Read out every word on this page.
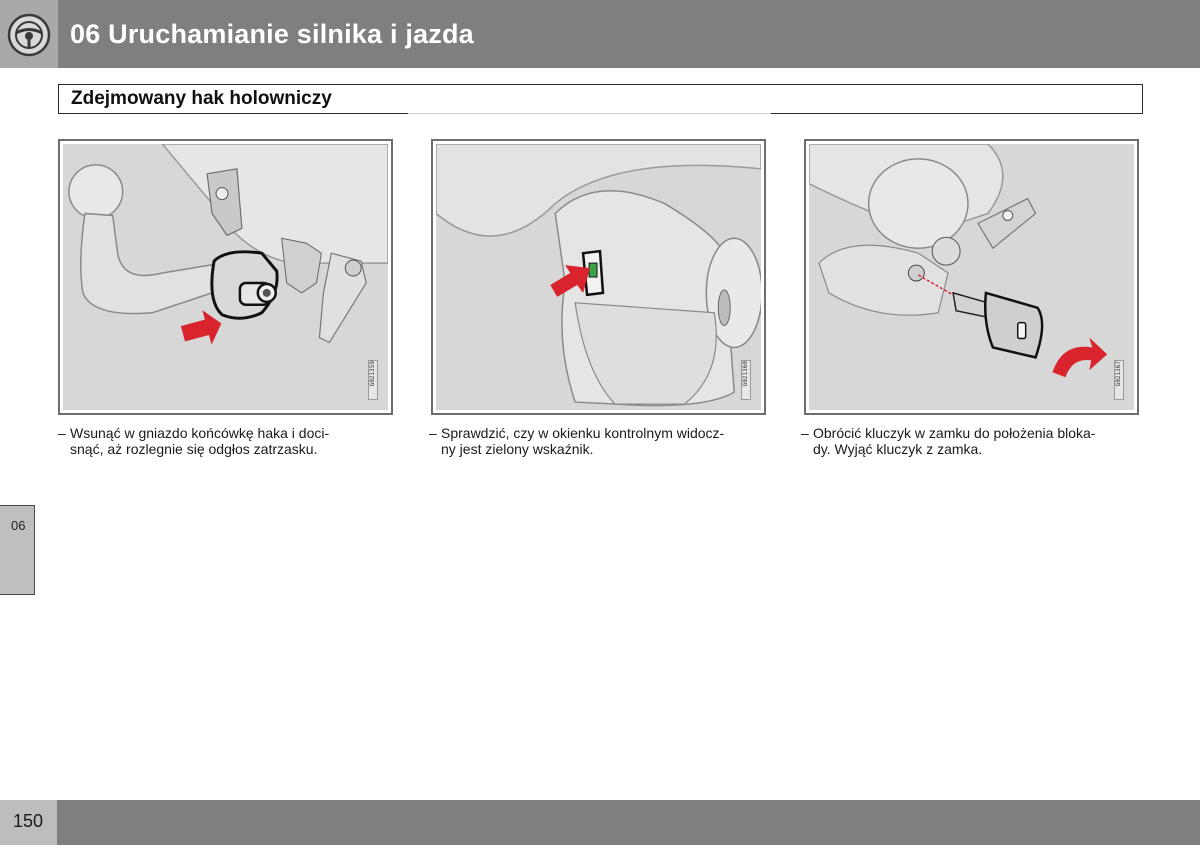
06 Uruchamianie silnika i jazda
Zdejmowany hak holowniczy
G021359	G021360	G021367
– Wsunąć w gniazdo końcówkę haka i doci-
snąć, aż rozlegnie się odgłos zatrzasku.
– Sprawdzić, czy w okienku kontrolnym widocz-
ny jest zielony wskaźnik.
– Obrócić kluczyk w zamku do położenia bloka-
dy. Wyjąć kluczyk z zamka.
06
150
